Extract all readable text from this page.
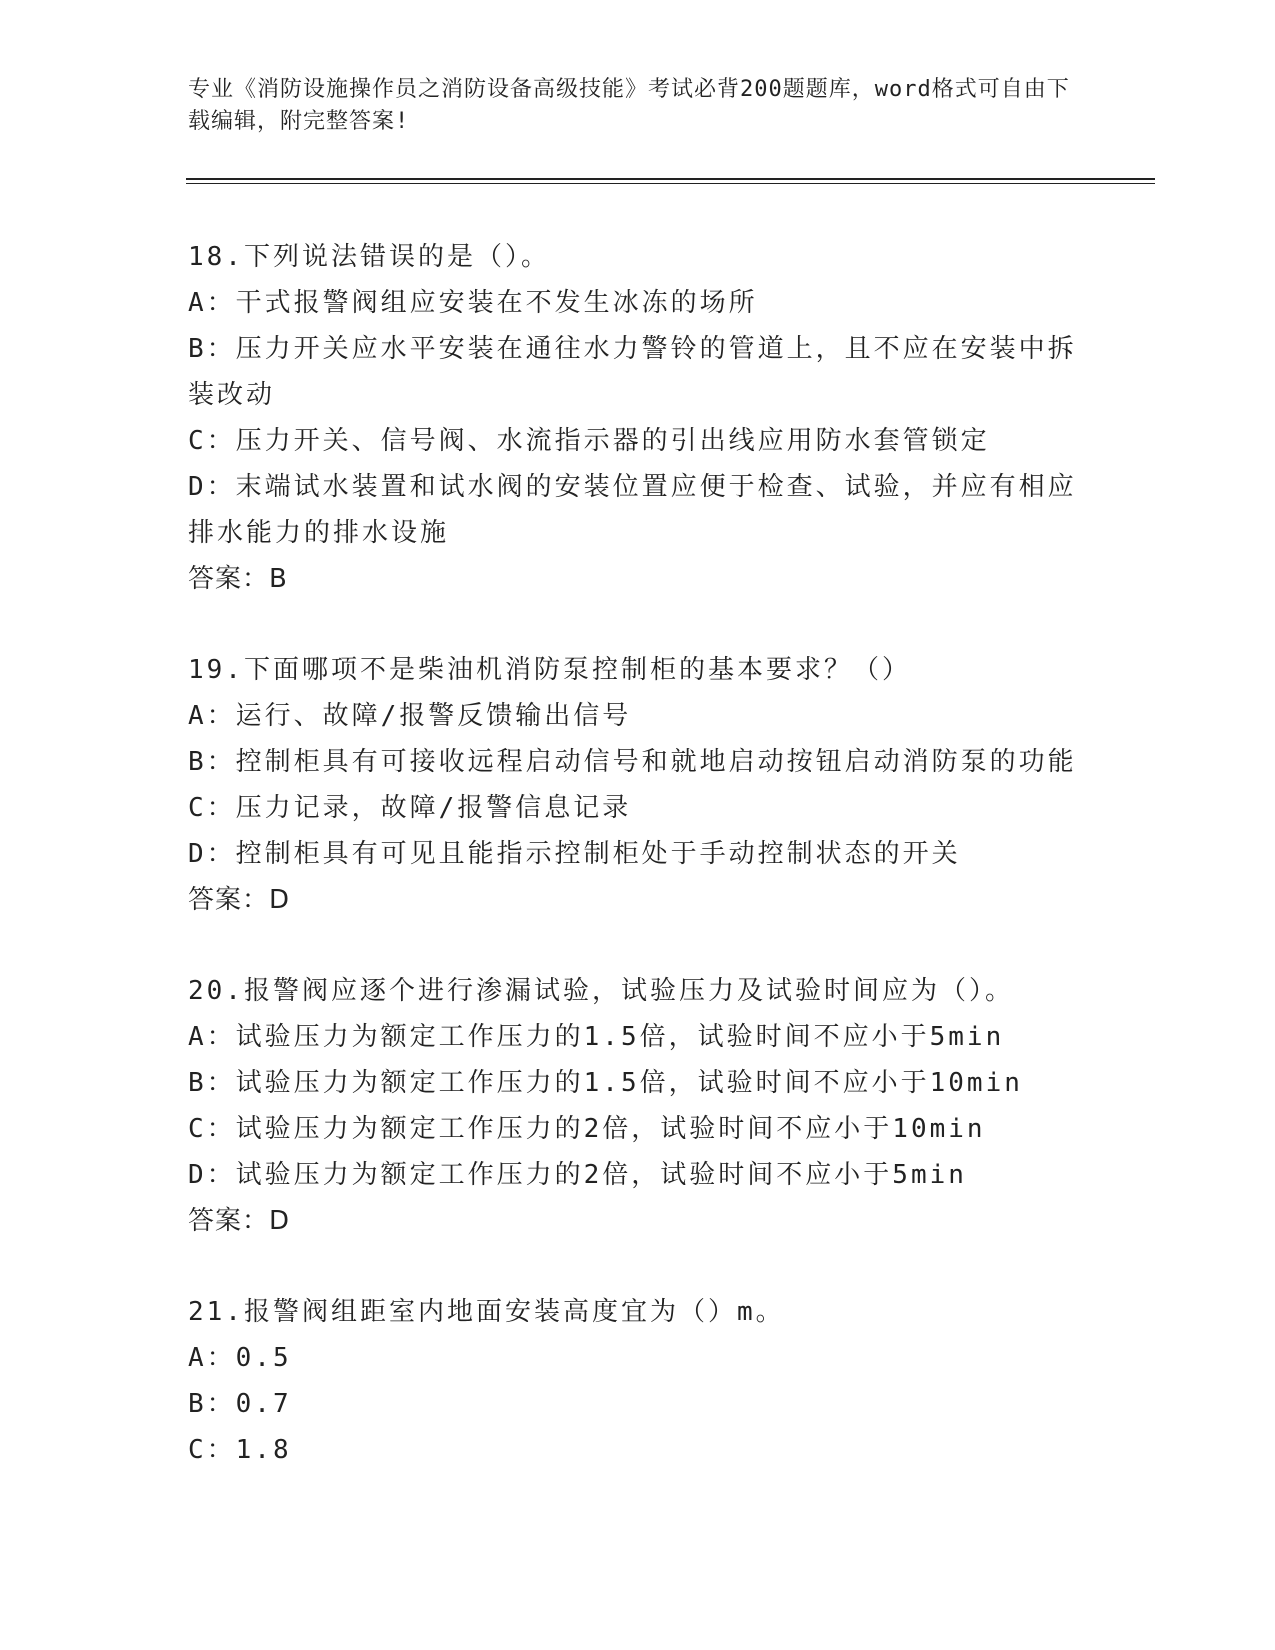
专业《消防设施操作员之消防设备高级技能》考试必背200题题库，word格式可自由下载编辑，附完整答案!
18.下列说法错误的是（）。
A：干式报警阀组应安装在不发生冰冻的场所
B：压力开关应水平安装在通往水力警铃的管道上，且不应在安装中拆装改动
C：压力开关、信号阀、水流指示器的引出线应用防水套管锁定
D：末端试水装置和试水阀的安装位置应便于检查、试验，并应有相应排水能力的排水设施
答案：B
19.下面哪项不是柴油机消防泵控制柜的基本要求？（）
A：运行、故障/报警反馈输出信号
B：控制柜具有可接收远程启动信号和就地启动按钮启动消防泵的功能
C：压力记录，故障/报警信息记录
D：控制柜具有可见且能指示控制柜处于手动控制状态的开关
答案：D
20.报警阀应逐个进行渗漏试验，试验压力及试验时间应为（）。
A：试验压力为额定工作压力的1.5倍，试验时间不应小于5min
B：试验压力为额定工作压力的1.5倍，试验时间不应小于10min
C：试验压力为额定工作压力的2倍，试验时间不应小于10min
D：试验压力为额定工作压力的2倍，试验时间不应小于5min
答案：D
21.报警阀组距室内地面安装高度宜为（）m。
A：0.5
B：0.7
C：1.8
